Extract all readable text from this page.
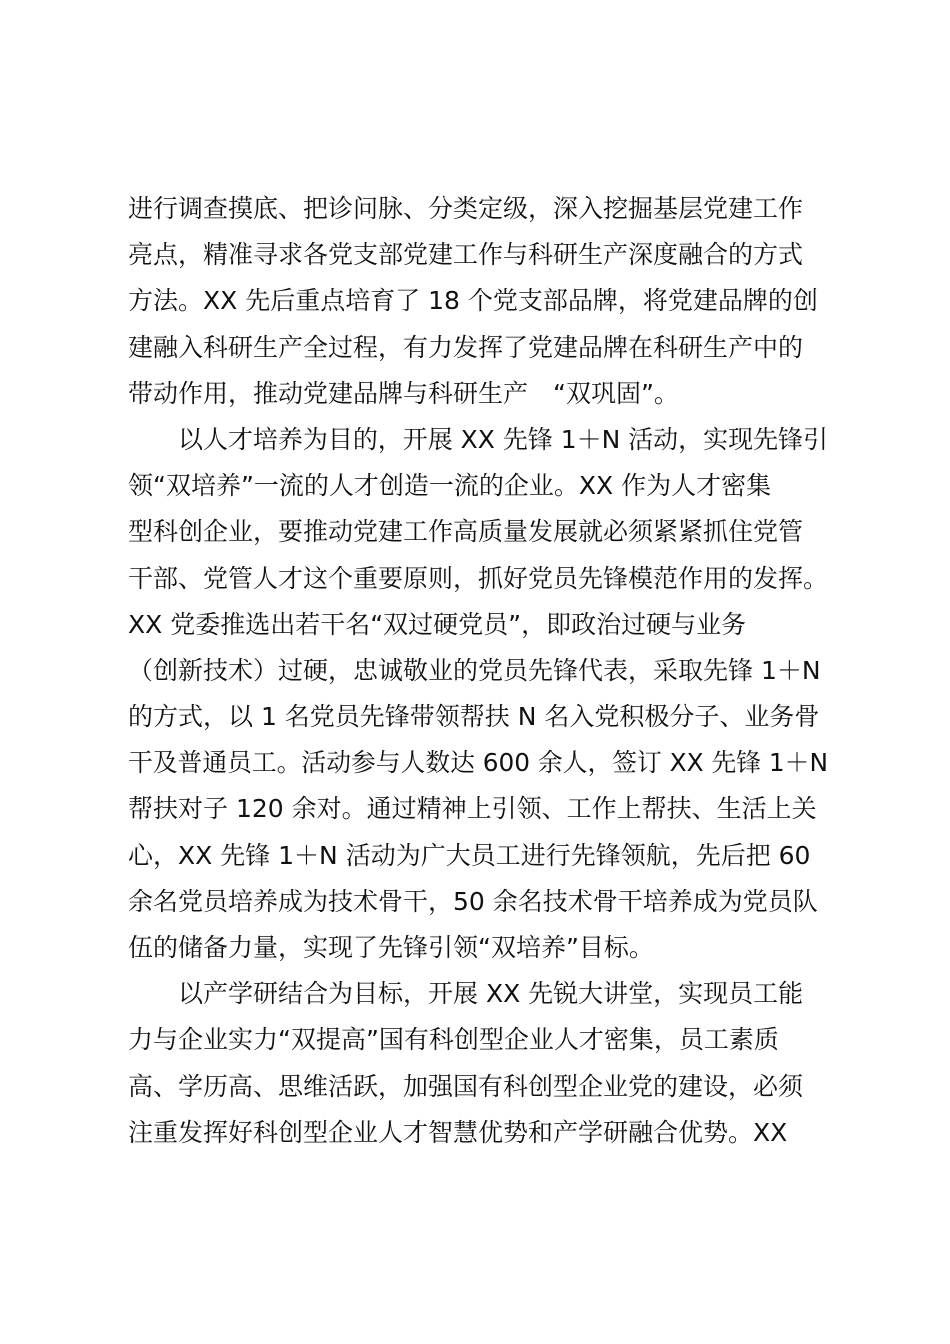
进行调查摸底、把诊问脉、分类定级，深入挖掘基层党建工作
亮点，精准寻求各党支部党建工作与科研生产深度融合的方式
方法。XX 先后重点培育了 18 个党支部品牌，将党建品牌的创
建融入科研生产全过程，有力发挥了党建品牌在科研生产中的
带动作用，推动党建品牌与科研生产　“双巩固”。
以人才培养为目的，开展 XX 先锋 1＋N 活动，实现先锋引
领“双培养”一流的人才创造一流的企业。XX 作为人才密集
型科创企业，要推动党建工作高质量发展就必须紧紧抓住党管
干部、党管人才这个重要原则，抓好党员先锋模范作用的发挥。
XX 党委推选出若干名“双过硬党员”，即政治过硬与业务
（创新技术）过硬，忠诚敬业的党员先锋代表，采取先锋 1＋N
的方式，以 1 名党员先锋带领帮扶 N 名入党积极分子、业务骨
干及普通员工。活动参与人数达 600 余人，签订 XX 先锋 1＋N
帮扶对子 120 余对。通过精神上引领、工作上帮扶、生活上关
心，XX 先锋 1＋N 活动为广大员工进行先锋领航，先后把 60
余名党员培养成为技术骨干，50 余名技术骨干培养成为党员队
伍的储备力量，实现了先锋引领“双培养”目标。
以产学研结合为目标，开展 XX 先锐大讲堂，实现员工能
力与企业实力“双提高”国有科创型企业人才密集，员工素质
高、学历高、思维活跃，加强国有科创型企业党的建设，必须
注重发挥好科创型企业人才智慧优势和产学研融合优势。XX
